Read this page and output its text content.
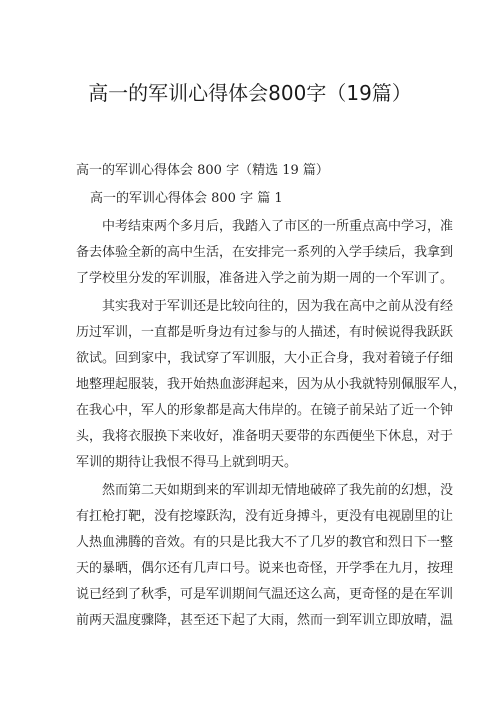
高一的军训心得体会800字（19篇）
高一的军训心得体会 800 字（精选 19 篇）
高一的军训心得体会 800 字 篇 1
中考结束两个多月后，我踏入了市区的一所重点高中学习，准
备去体验全新的高中生活，在安排完一系列的入学手续后，我拿到
了学校里分发的军训服，准备进入学之前为期一周的一个军训了。
其实我对于军训还是比较向往的，因为我在高中之前从没有经
历过军训，一直都是听身边有过参与的人描述，有时候说得我跃跃
欲试。回到家中，我试穿了军训服，大小正合身，我对着镜子仔细
地整理起服装，我开始热血澎湃起来，因为从小我就特别佩服军人，
在我心中，军人的形象都是高大伟岸的。在镜子前呆站了近一个钟
头，我将衣服换下来收好，准备明天要带的东西便坐下休息，对于
军训的期待让我恨不得马上就到明天。
然而第二天如期到来的军训却无情地破碎了我先前的幻想，没
有扛枪打靶，没有挖壕跃沟，没有近身搏斗，更没有电视剧里的让
人热血沸腾的音效。有的只是比我大不了几岁的教官和烈日下一整
天的暴晒，偶尔还有几声口号。说来也奇怪，开学季在九月，按理
说已经到了秋季，可是军训期间气温还这么高，更奇怪的是在军训
前两天温度骤降，甚至还下起了大雨，然而一到军训立即放晴，温
